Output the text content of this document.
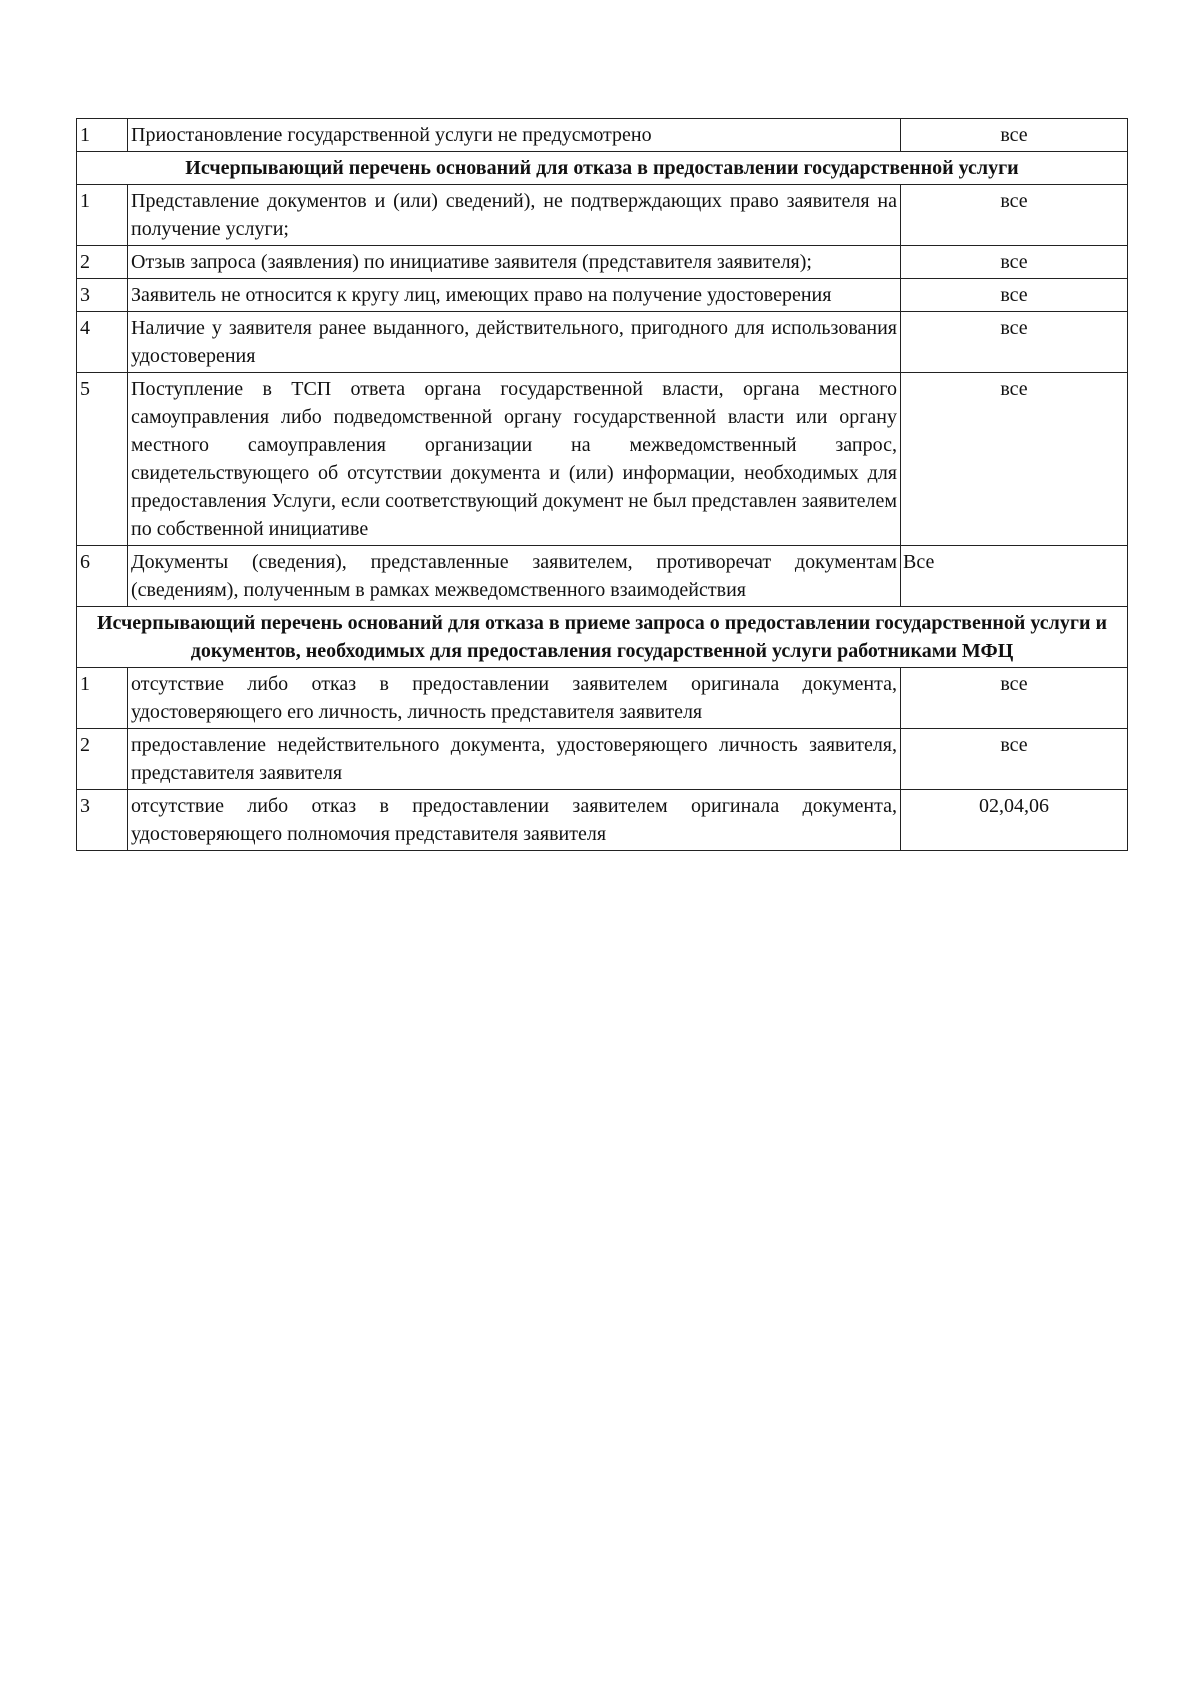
1	Приостановление государственной услуги не предусмотрено	все
Исчерпывающий перечень оснований для отказа в предоставлении государственной услуги		
1	Представление документов и (или) сведений), не подтверждающих право заявителя на получение услуги;	все
2	Отзыв запроса (заявления) по инициативе заявителя (представителя заявителя);	все
3	Заявитель не относится к кругу лиц, имеющих право на получение удостоверения	все
4	Наличие у заявителя ранее выданного, действительного, пригодного для использования удостоверения	все
5	Поступление в ТСП ответа органа государственной власти, органа местного самоуправления либо подведомственной органу государственной власти или органу местного самоуправления организации на межведомственный запрос, свидетельствующего об отсутствии документа и (или) информации, необходимых для предоставления Услуги, если соответствующий документ не был представлен заявителем по собственной инициативе	все
6	Документы (сведения), представленные заявителем, противоречат документам (сведениям), полученным в рамках межведомственного взаимодействия	Все
Исчерпывающий перечень оснований для отказа в приеме запроса о предоставлении государственной услуги и документов, необходимых для предоставления государственной услуги работниками МФЦ		
1	отсутствие либо отказ в предоставлении заявителем оригинала документа, удостоверяющего его личность, личность представителя заявителя	все
2	предоставление недействительного документа, удостоверяющего личность заявителя, представителя заявителя	все
3	отсутствие либо отказ в предоставлении заявителем оригинала документа, удостоверяющего полномочия представителя заявителя	02,04,06
